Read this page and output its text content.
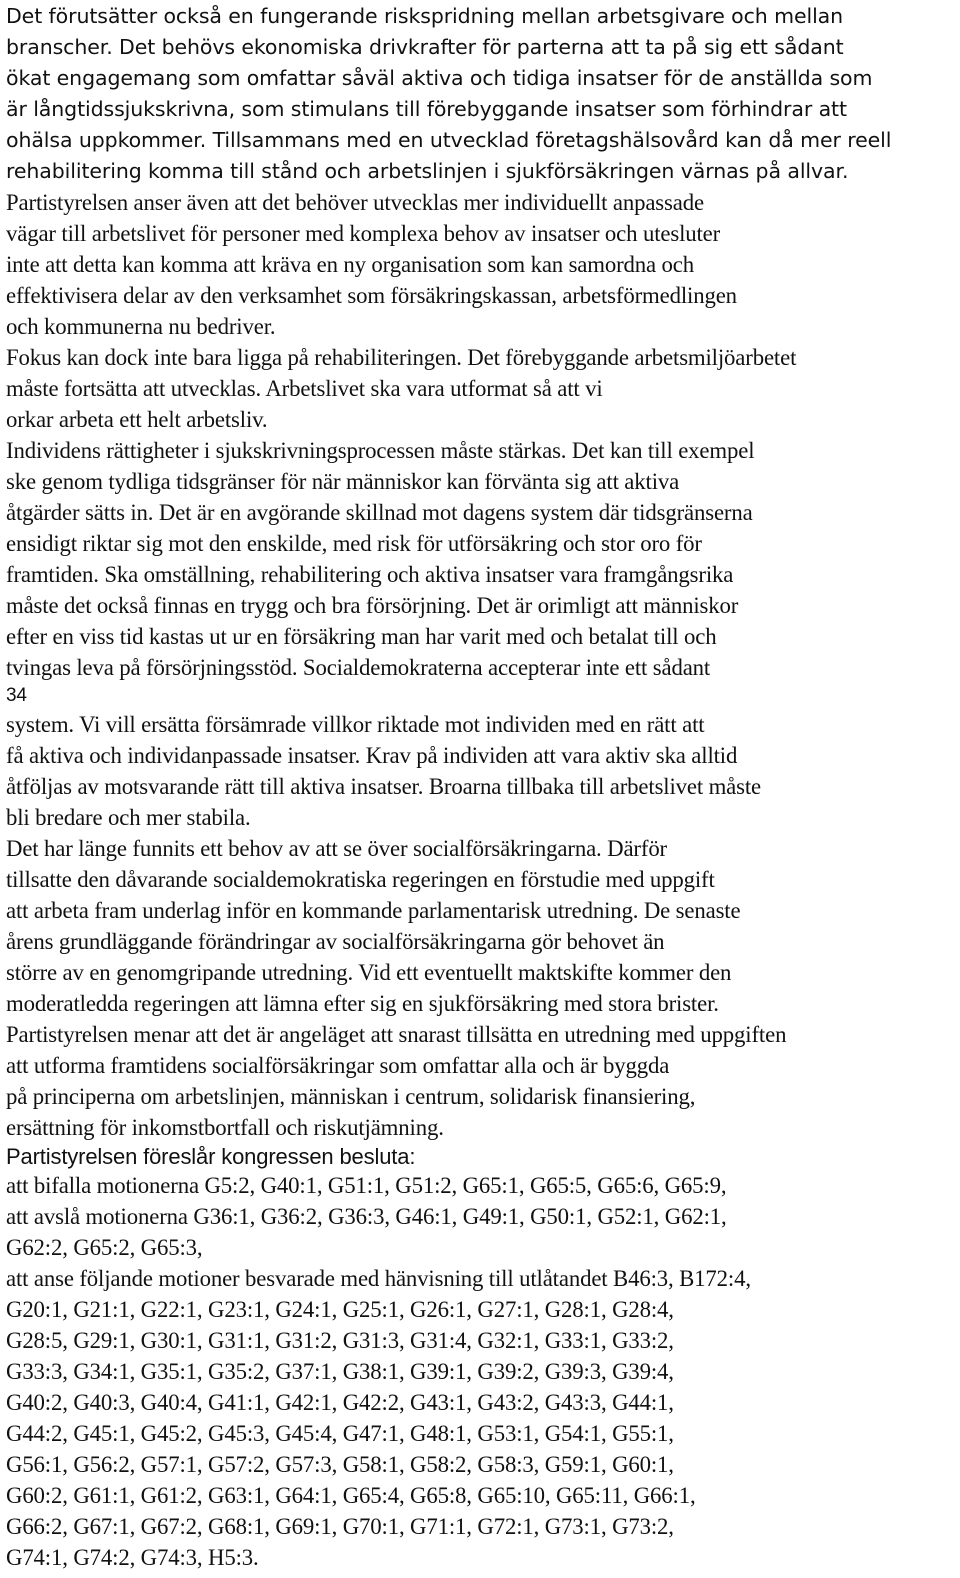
Det förutsätter också en fungerande riskspridning mellan arbetsgivare och mellan
branscher. Det behövs ekonomiska drivkrafter för parterna att ta på sig ett sådant
ökat engagemang som omfattar såväl aktiva och tidiga insatser för de anställda som
är långtidssjukskrivna, som stimulans till förebyggande insatser som förhindrar att
ohälsa uppkommer. Tillsammans med en utvecklad företagshälsovård kan då mer reell
rehabilitering komma till stånd och arbetslinjen i sjukförsäkringen värnas på allvar.
Partistyrelsen anser även att det behöver utvecklas mer individuellt anpassade
vägar till arbetslivet för personer med komplexa behov av insatser och utesluter
inte att detta kan komma att kräva en ny organisation som kan samordna och
effektivisera delar av den verksamhet som försäkringskassan, arbetsförmedlingen
och kommunerna nu bedriver.
Fokus kan dock inte bara ligga på rehabiliteringen. Det förebyggande arbetsmiljöarbetet
måste fortsätta att utvecklas. Arbetslivet ska vara utformat så att vi
orkar arbeta ett helt arbetsliv.
Individens rättigheter i sjukskrivningsprocessen måste stärkas. Det kan till exempel
ske genom tydliga tidsgränser för när människor kan förvänta sig att aktiva
åtgärder sätts in. Det är en avgörande skillnad mot dagens system där tidsgränserna
ensidigt riktar sig mot den enskilde, med risk för utförsäkring och stor oro för
framtiden. Ska omställning, rehabilitering och aktiva insatser vara framgångsrika
måste det också finnas en trygg och bra försörjning. Det är orimligt att människor
efter en viss tid kastas ut ur en försäkring man har varit med och betalat till och
tvingas leva på försörjningsstöd. Socialdemokraterna accepterar inte ett sådant
34
system. Vi vill ersätta försämrade villkor riktade mot individen med en rätt att
få aktiva och individanpassade insatser. Krav på individen att vara aktiv ska alltid
åtföljas av motsvarande rätt till aktiva insatser. Broarna tillbaka till arbetslivet måste
bli bredare och mer stabila.
Det har länge funnits ett behov av att se över socialförsäkringarna. Därför
tillsatte den dåvarande socialdemokratiska regeringen en förstudie med uppgift
att arbeta fram underlag inför en kommande parlamentarisk utredning. De senaste
årens grundläggande förändringar av socialförsäkringarna gör behovet än
större av en genomgripande utredning. Vid ett eventuellt maktskifte kommer den
moderatledda regeringen att lämna efter sig en sjukförsäkring med stora brister.
Partistyrelsen menar att det är angeläget att snarast tillsätta en utredning med uppgiften
att utforma framtidens socialförsäkringar som omfattar alla och är byggda
på principerna om arbetslinjen, människan i centrum, solidarisk finansiering,
ersättning för inkomstbortfall och riskutjämning.
Partistyrelsen föreslår kongressen besluta:
att bifalla motionerna G5:2, G40:1, G51:1, G51:2, G65:1, G65:5, G65:6, G65:9,
att avslå motionerna G36:1, G36:2, G36:3, G46:1, G49:1, G50:1, G52:1, G62:1,
G62:2, G65:2, G65:3,
att anse följande motioner besvarade med hänvisning till utlåtandet B46:3, B172:4,
G20:1, G21:1, G22:1, G23:1, G24:1, G25:1, G26:1, G27:1, G28:1, G28:4,
G28:5, G29:1, G30:1, G31:1, G31:2, G31:3, G31:4, G32:1, G33:1, G33:2,
G33:3, G34:1, G35:1, G35:2, G37:1, G38:1, G39:1, G39:2, G39:3, G39:4,
G40:2, G40:3, G40:4, G41:1, G42:1, G42:2, G43:1, G43:2, G43:3, G44:1,
G44:2, G45:1, G45:2, G45:3, G45:4, G47:1, G48:1, G53:1, G54:1, G55:1,
G56:1, G56:2, G57:1, G57:2, G57:3, G58:1, G58:2, G58:3, G59:1, G60:1,
G60:2, G61:1, G61:2, G63:1, G64:1, G65:4, G65:8, G65:10, G65:11, G66:1,
G66:2, G67:1, G67:2, G68:1, G69:1, G70:1, G71:1, G72:1, G73:1, G73:2,
G74:1, G74:2, G74:3, H5:3.
